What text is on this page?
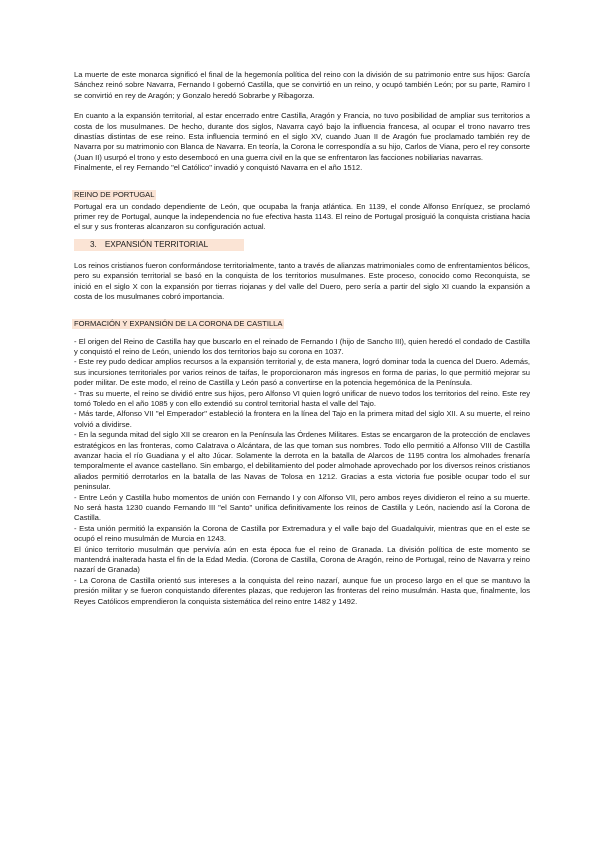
La muerte de este monarca significó el final de la hegemonía política del reino con la división de su patrimonio entre sus hijos: García Sánchez reinó sobre Navarra, Fernando I gobernó Castilla, que se convirtió en un reino, y ocupó también León; por su parte, Ramiro I se convirtió en rey de Aragón; y Gonzalo heredó Sobrarbe y Ribagorza.

En cuanto a la expansión territorial, al estar encerrado entre Castilla, Aragón y Francia, no tuvo posibilidad de ampliar sus territorios a costa de los musulmanes. De hecho, durante dos siglos, Navarra cayó bajo la influencia francesa, al ocupar el trono navarro tres dinastías distintas de ese reino. Esta influencia terminó en el siglo XV, cuando Juan II de Aragón fue proclamado también rey de Navarra por su matrimonio con Blanca de Navarra. En teoría, la Corona le correspondía a su hijo, Carlos de Viana, pero el rey consorte (Juan II) usurpó el trono y esto desembocó en una guerra civil en la que se enfrentaron las facciones nobiliarias navarras.

Finalmente, el rey Fernando "el Católico" invadió y conquistó Navarra en el año 1512.

REINO DE PORTUGAL

Portugal era un condado dependiente de León, que ocupaba la franja atlántica. En 1139, el conde Alfonso Enríquez, se proclamó primer rey de Portugal, aunque la independencia no fue efectiva hasta 1143. El reino de Portugal prosiguió la conquista cristiana hacia el sur y sus fronteras alcanzaron su configuración actual.

3. EXPANSIÓN TERRITORIAL

Los reinos cristianos fueron conformándose territorialmente, tanto a través de alianzas matrimoniales como de enfrentamientos bélicos, pero su expansión territorial se basó en la conquista de los territorios musulmanes. Este proceso, conocido como Reconquista, se inició en el siglo X con la expansión por tierras riojanas y del valle del Duero, pero sería a partir del siglo XI cuando la expansión a costa de los musulmanes cobró importancia.

FORMACIÓN Y EXPANSIÓN DE LA CORONA DE CASTILLA

- El origen del Reino de Castilla hay que buscarlo en el reinado de Fernando I (hijo de Sancho III), quien heredó el condado de Castilla y conquistó el reino de León, uniendo los dos territorios bajo su corona en 1037.

- Este rey pudo dedicar amplios recursos a la expansión territorial y, de esta manera, logró dominar toda la cuenca del Duero. Además, sus incursiones territoriales por varios reinos de taifas, le proporcionaron más ingresos en forma de parias, lo que permitió mejorar su poder militar. De este modo, el reino de Castilla y León pasó a convertirse en la potencia hegemónica de la Península.

- Tras su muerte, el reino se dividió entre sus hijos, pero Alfonso VI quien logró unificar de nuevo todos los territorios del reino. Este rey tomó Toledo en el año 1085 y con ello extendió su control territorial hasta el valle del Tajo.

- Más tarde, Alfonso VII "el Emperador" estableció la frontera en la línea del Tajo en la primera mitad del siglo XII. A su muerte, el reino volvió a dividirse.

- En la segunda mitad del siglo XII se crearon en la Península las Órdenes Militares. Estas se encargaron de la protección de enclaves estratégicos en las fronteras, como Calatrava o Alcántara, de las que toman sus nombres. Todo ello permitió a Alfonso VIII de Castilla avanzar hacia el río Guadiana y el alto Júcar. Solamente la derrota en la batalla de Alarcos de 1195 contra los almohades frenaría temporalmente el avance castellano. Sin embargo, el debilitamiento del poder almohade aprovechado por los diversos reinos cristianos aliados permitió derrotarlos en la batalla de las Navas de Tolosa en 1212. Gracias a esta victoria fue posible ocupar todo el sur peninsular.

- Entre León y Castilla hubo momentos de unión con Fernando I y con Alfonso VII, pero ambos reyes dividieron el reino a su muerte. No será hasta 1230 cuando Fernando III "el Santo" unifica definitivamente los reinos de Castilla y León, naciendo así la Corona de Castilla.

- Esta unión permitió la expansión la Corona de Castilla por Extremadura y el valle bajo del Guadalquivir, mientras que en el este se ocupó el reino musulmán de Murcia en 1243.

El único territorio musulmán que pervivía aún en esta época fue el reino de Granada. La división política de este momento se mantendrá inalterada hasta el fin de la Edad Media. (Corona de Castilla, Corona de Aragón, reino de Portugal, reino de Navarra y reino nazarí de Granada)

- La Corona de Castilla orientó sus intereses a la conquista del reino nazarí, aunque fue un proceso largo en el que se mantuvo la presión militar y se fueron conquistando diferentes plazas, que redujeron las fronteras del reino musulmán. Hasta que, finalmente, los Reyes Católicos emprendieron la conquista sistemática del reino entre 1482 y 1492.
